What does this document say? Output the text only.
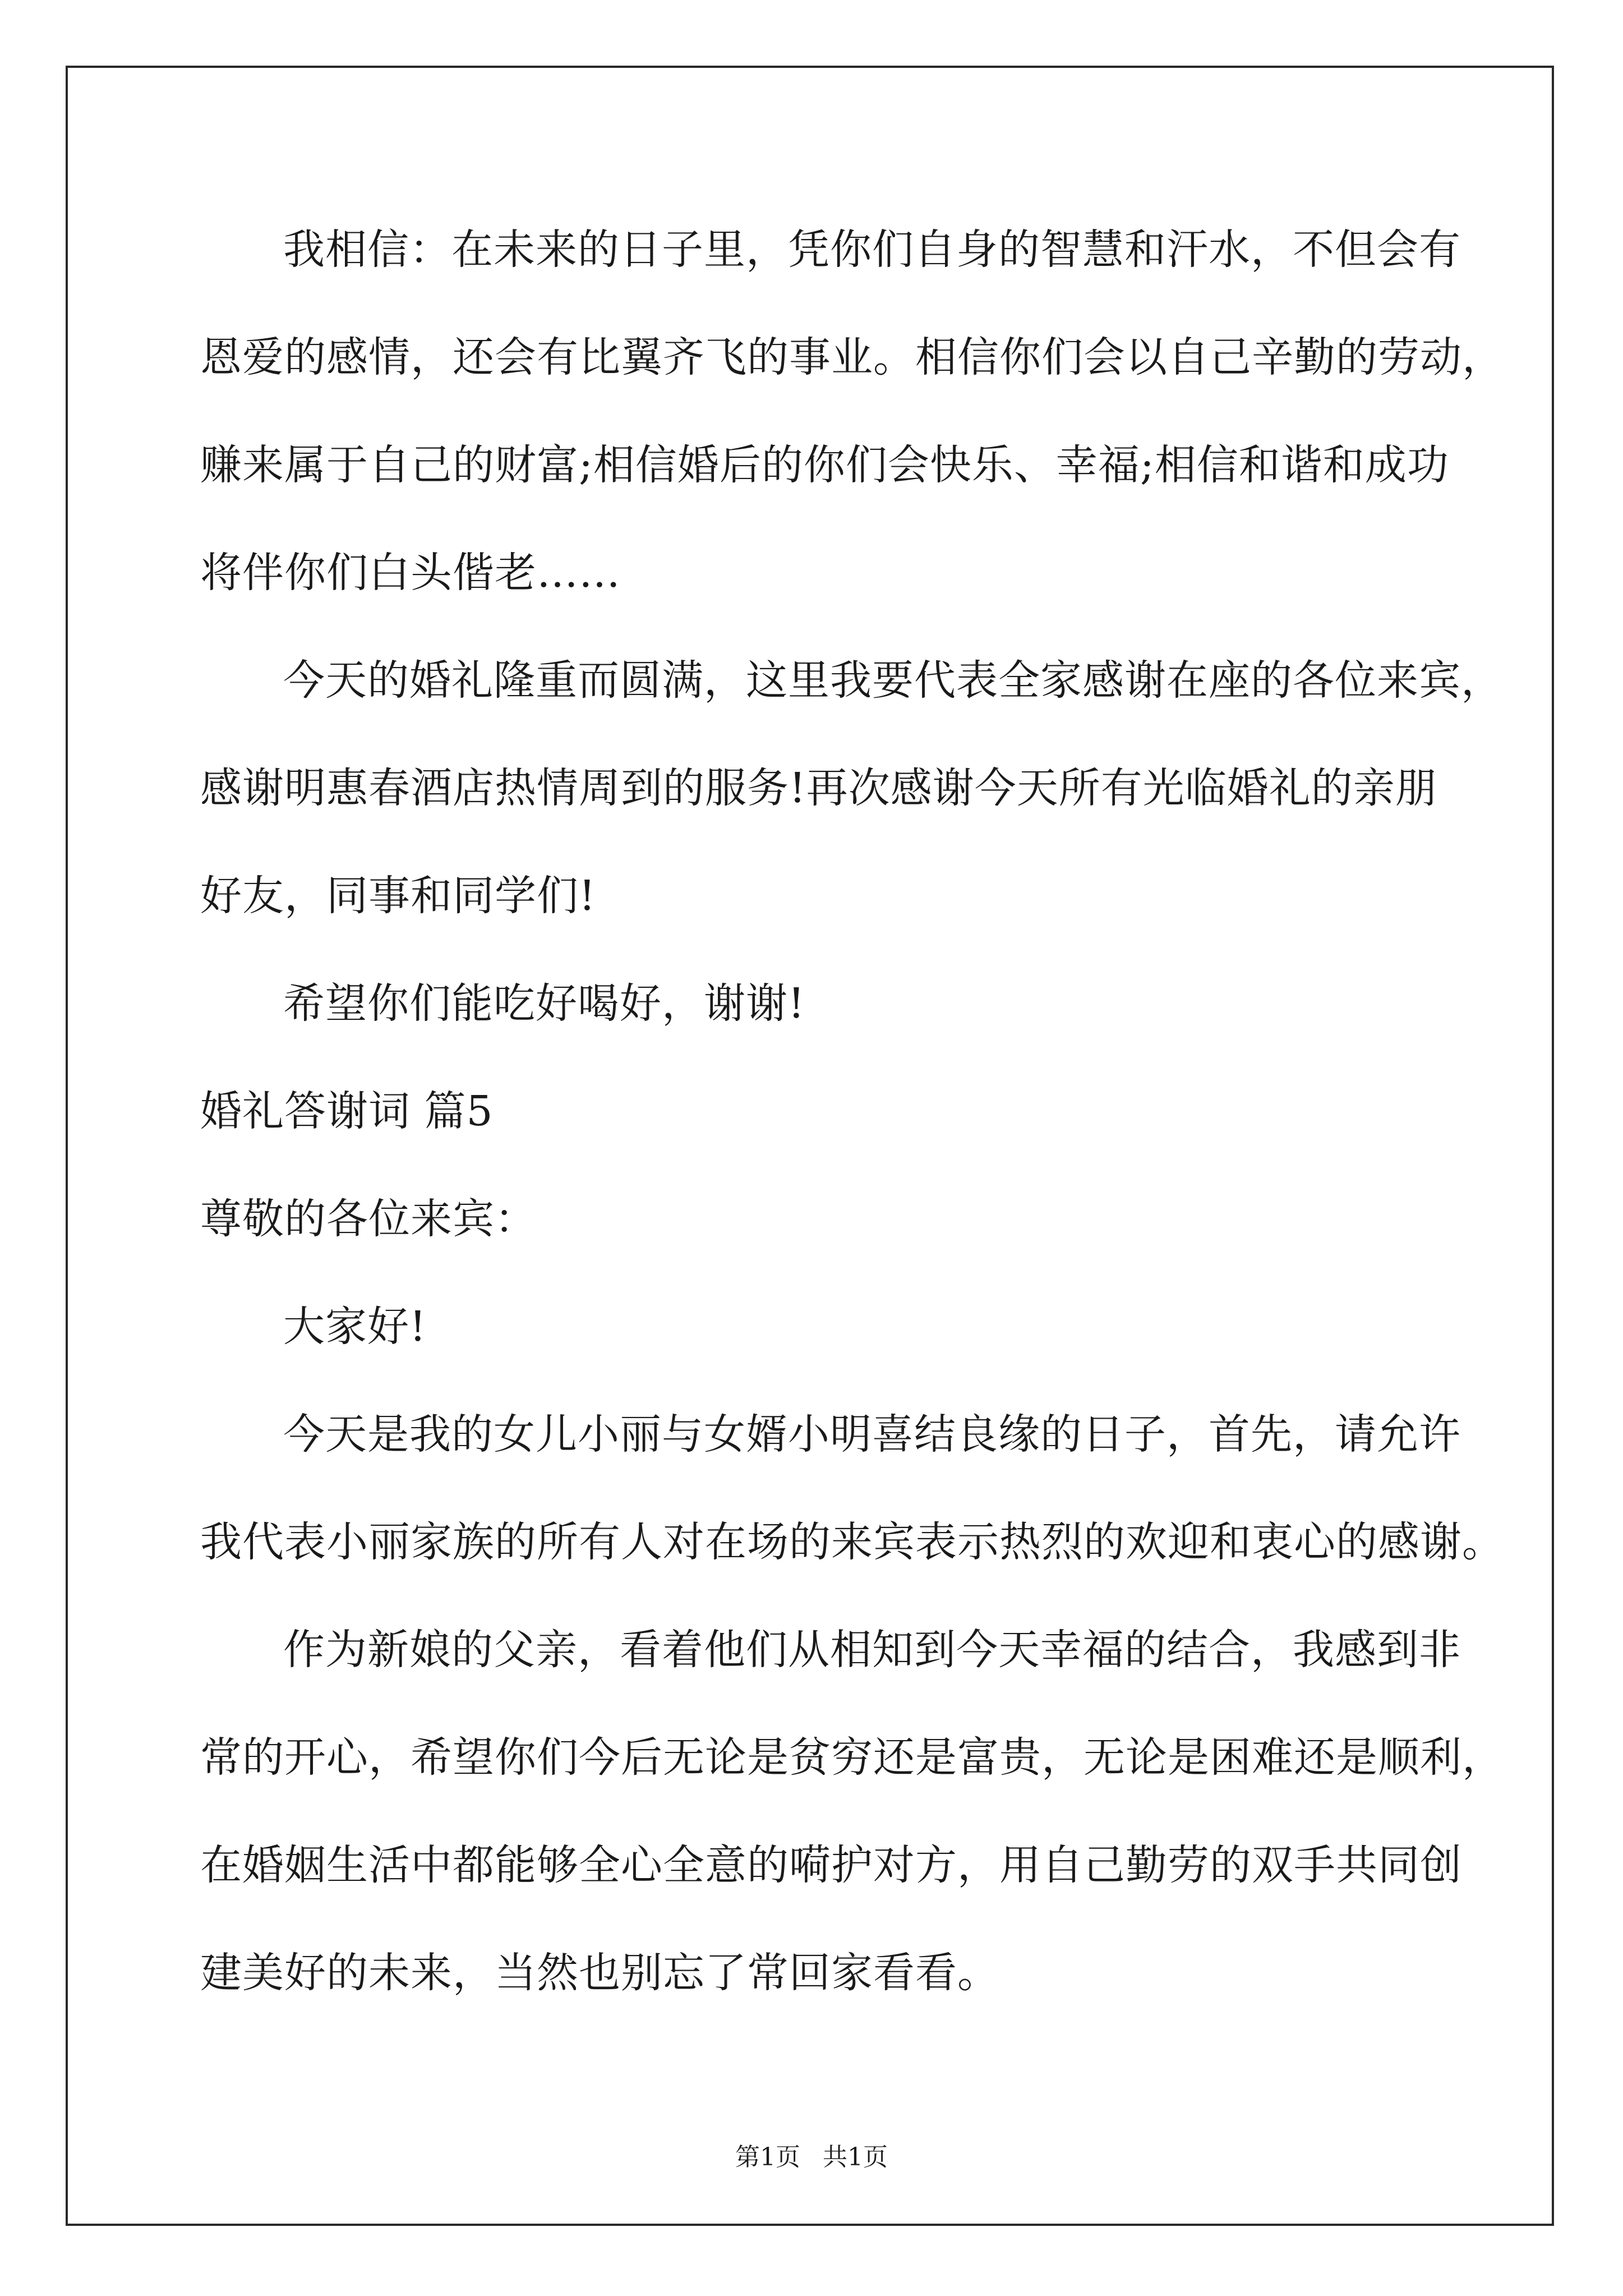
我相信：在未来的日子里，凭你们自身的智慧和汗水，不但会有
恩爱的感情，还会有比翼齐飞的事业。相信你们会以自己辛勤的劳动，
赚来属于自己的财富;相信婚后的你们会快乐、幸福;相信和谐和成功
将伴你们白头偕老……
今天的婚礼隆重而圆满，这里我要代表全家感谢在座的各位来宾，
感谢明惠春酒店热情周到的服务!再次感谢今天所有光临婚礼的亲朋
好友，同事和同学们!
希望你们能吃好喝好，谢谢!
婚礼答谢词 篇5
尊敬的各位来宾：
大家好!
今天是我的女儿小丽与女婿小明喜结良缘的日子，首先，请允许
我代表小丽家族的所有人对在场的来宾表示热烈的欢迎和衷心的感谢。
作为新娘的父亲，看着他们从相知到今天幸福的结合，我感到非
常的开心，希望你们今后无论是贫穷还是富贵，无论是困难还是顺利，
在婚姻生活中都能够全心全意的嗬护对方，用自己勤劳的双手共同创
建美好的未来，当然也别忘了常回家看看。
第1页 共1页
